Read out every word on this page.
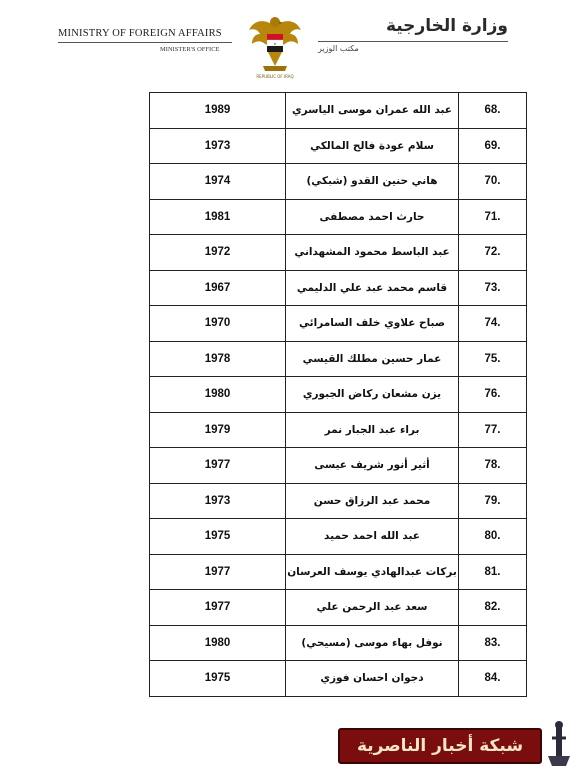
MINISTRY OF FOREIGN AFFAIRS
MINISTER'S OFFICE
★
REPUBLIC OF IRAQ
وزارة الخارجية
مكتب الوزير
1989	عبد الله عمران موسى الياسري	68.
1973	سلام عودة فالح المالكي	69.
1974	هاني حنين القدو (شبكي)	70.
1981	حارث احمد مصطفى	71.
1972	عبد الباسط محمود المشهداني	72.
1967	قاسم محمد عبد علي الدليمي	73.
1970	صباح علاوي خلف السامرائي	74.
1978	عمار حسين مطلك القيسي	75.
1980	يزن مشعان ركاض الجبوري	76.
1979	براء عبد الجبار نمر	77.
1977	أثير أنور شريف عيسى	78.
1973	محمد عبد الرزاق حسن	79.
1975	عبد الله احمد حميد	80.
1977	بركات عبدالهادي يوسف العرسان	81.
1977	سعد عبد الرحمن علي	82.
1980	نوفل بهاء موسى (مسيحي)	83.
1975	دجوان احسان فوزي	84.
شبكة أخبار الناصرية
